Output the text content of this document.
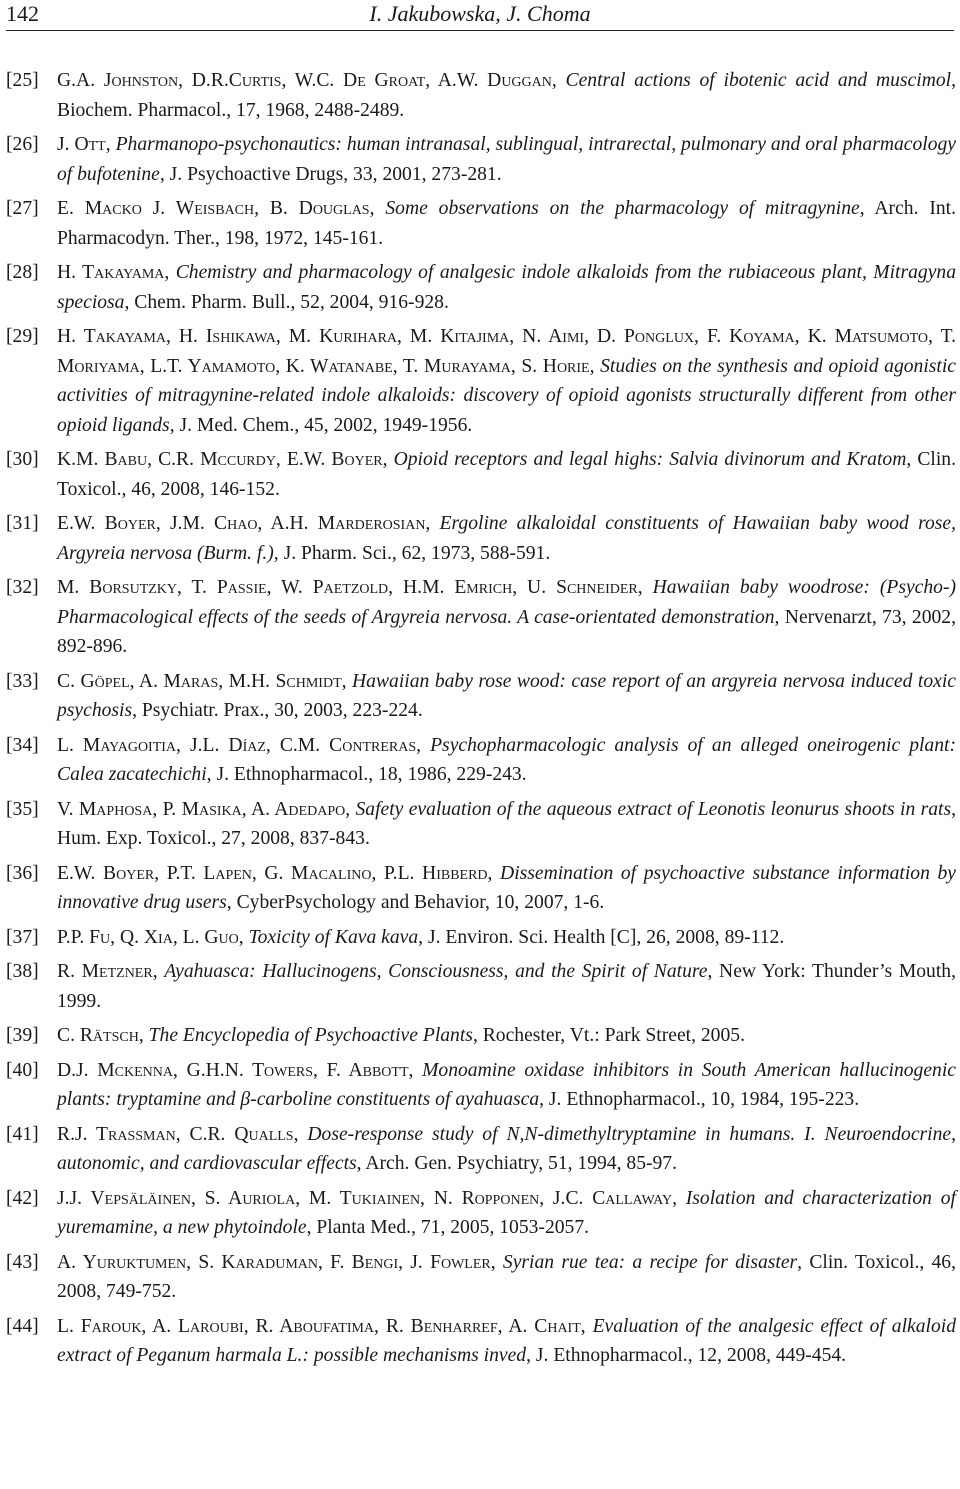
142	I. Jakubowska, J. Choma
[25] G.A. Johnston, D.R.Curtis, W.C. De Groat, A.W. Duggan, Central actions of ibotenic acid and muscimol, Biochem. Pharmacol., 17, 1968, 2488-2489.
[26] J. Ott, Pharmanopo-psychonautics: human intranasal, sublingual, intrarectal, pulmonary and oral pharmacology of bufotenine, J. Psychoactive Drugs, 33, 2001, 273-281.
[27] E. Macko J. Weisbach, B. Douglas, Some observations on the pharmacology of mitragynine, Arch. Int. Pharmacodyn. Ther., 198, 1972, 145-161.
[28] H. Takayama, Chemistry and pharmacology of analgesic indole alkaloids from the rubiaceous plant, Mitragyna speciosa, Chem. Pharm. Bull., 52, 2004, 916-928.
[29] H. Takayama, H. Ishikawa, M. Kurihara, M. Kitajima, N. Aimi, D. Ponglux, F. Koyama, K. Matsumoto, T. Moriyama, L.T. Yamamoto, K. Watanabe, T. Murayama, S. Horie, Studies on the synthesis and opioid agonistic activities of mitragynine-related indole alkaloids: discovery of opioid agonists structurally different from other opioid ligands, J. Med. Chem., 45, 2002, 1949-1956.
[30] K.M. Babu, C.R. Mccurdy, E.W. Boyer, Opioid receptors and legal highs: Salvia divinorum and Kratom, Clin. Toxicol., 46, 2008, 146-152.
[31] E.W. Boyer, J.M. Chao, A.H. Marderosian, Ergoline alkaloidal constituents of Hawaiian baby wood rose, Argyreia nervosa (Burm. f.), J. Pharm. Sci., 62, 1973, 588-591.
[32] M. Borsutzky, T. Passie, W. Paetzold, H.M. Emrich, U. Schneider, Hawaiian baby woodrose: (Psycho-) Pharmacological effects of the seeds of Argyreia nervosa. A case-orientated demonstration, Nervenarzt, 73, 2002, 892-896.
[33] C. Göpel, A. Maras, M.H. Schmidt, Hawaiian baby rose wood: case report of an argyreia nervosa induced toxic psychosis, Psychiatr. Prax., 30, 2003, 223-224.
[34] L. Mayagoitia, J.L. Díaz, C.M. Contreras, Psychopharmacologic analysis of an alleged oneirogenic plant: Calea zacatechichi, J. Ethnopharmacol., 18, 1986, 229-243.
[35] V. Maphosa, P. Masika, A. Adedapo, Safety evaluation of the aqueous extract of Leonotis leonurus shoots in rats, Hum. Exp. Toxicol., 27, 2008, 837-843.
[36] E.W. Boyer, P.T. Lapen, G. Macalino, P.L. Hibberd, Dissemination of psychoactive substance information by innovative drug users, CyberPsychology and Behavior, 10, 2007, 1-6.
[37] P.P. Fu, Q. Xia, L. Guo, Toxicity of Kava kava, J. Environ. Sci. Health [C], 26, 2008, 89-112.
[38] R. Metzner, Ayahuasca: Hallucinogens, Consciousness, and the Spirit of Nature, New York: Thunder’s Mouth, 1999.
[39] C. Rätsch, The Encyclopedia of Psychoactive Plants, Rochester, Vt.: Park Street, 2005.
[40] D.J. Mckenna, G.H.N. Towers, F. Abbott, Monoamine oxidase inhibitors in South American hallucinogenic plants: tryptamine and β-carboline constituents of ayahuasca, J. Ethnopharmacol., 10, 1984, 195-223.
[41] R.J. Trassman, C.R. Qualls, Dose-response study of N,N-dimethyltryptamine in humans. I. Neuroendocrine, autonomic, and cardiovascular effects, Arch. Gen. Psychiatry, 51, 1994, 85-97.
[42] J.J. Vepsäläinen, S. Auriola, M. Tukiainen, N. Ropponen, J.C. Callaway, Isolation and characterization of yuremamine, a new phytoindole, Planta Med., 71, 2005, 1053-2057.
[43] A. Yuruktumen, S. Karaduman, F. Bengi, J. Fowler, Syrian rue tea: a recipe for disaster, Clin. Toxicol., 46, 2008, 749-752.
[44] L. Farouk, A. Laroubi, R. Aboufatima, R. Benharref, A. Chait, Evaluation of the analgesic effect of alkaloid extract of Peganum harmala L.: possible mechanisms inved, J. Ethnopharmacol., 12, 2008, 449-454.
